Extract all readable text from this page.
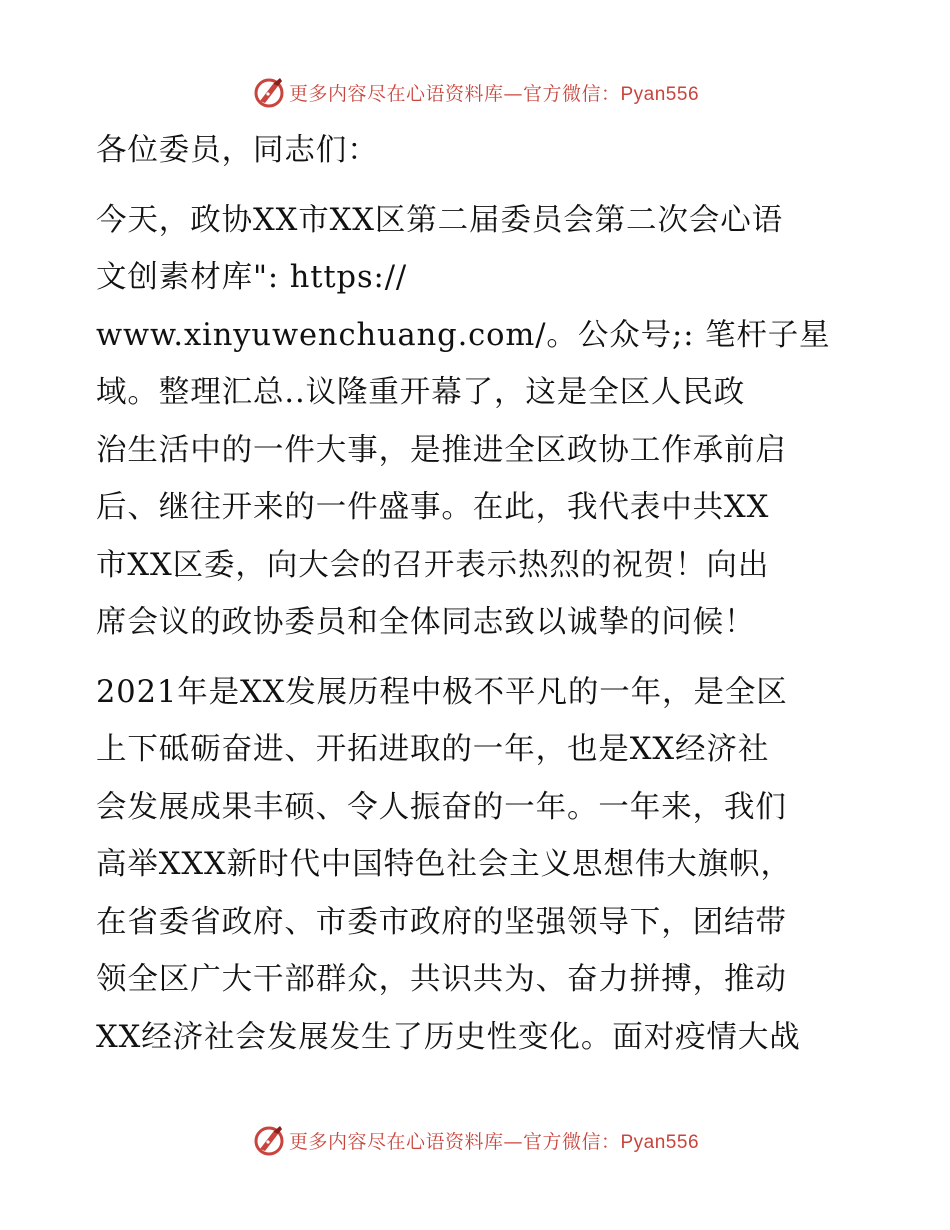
更多内容尽在心语资料库—官方微信：Pyan556
各位委员，同志们：
今天，政协XX市XX区第二届委员会第二次会心语
文创素材库": https://
www.xinyuwenchuang.com/。公众号;: 笔杆子星
域。整理汇总..议隆重开幕了，这是全区人民政
治生活中的一件大事，是推进全区政协工作承前启
后、继往开来的一件盛事。在此，我代表中共XX
市XX区委，向大会的召开表示热烈的祝贺！向出
席会议的政协委员和全体同志致以诚挚的问候！
2021年是XX发展历程中极不平凡的一年，是全区
上下砥砺奋进、开拓进取的一年，也是XX经济社
会发展成果丰硕、令人振奋的一年。一年来，我们
高举XXX新时代中国特色社会主义思想伟大旗帜，
在省委省政府、市委市政府的坚强领导下，团结带
领全区广大干部群众，共识共为、奋力拼搏，推动
XX经济社会发展发生了历史性变化。面对疫情大战
更多内容尽在心语资料库—官方微信：Pyan556
